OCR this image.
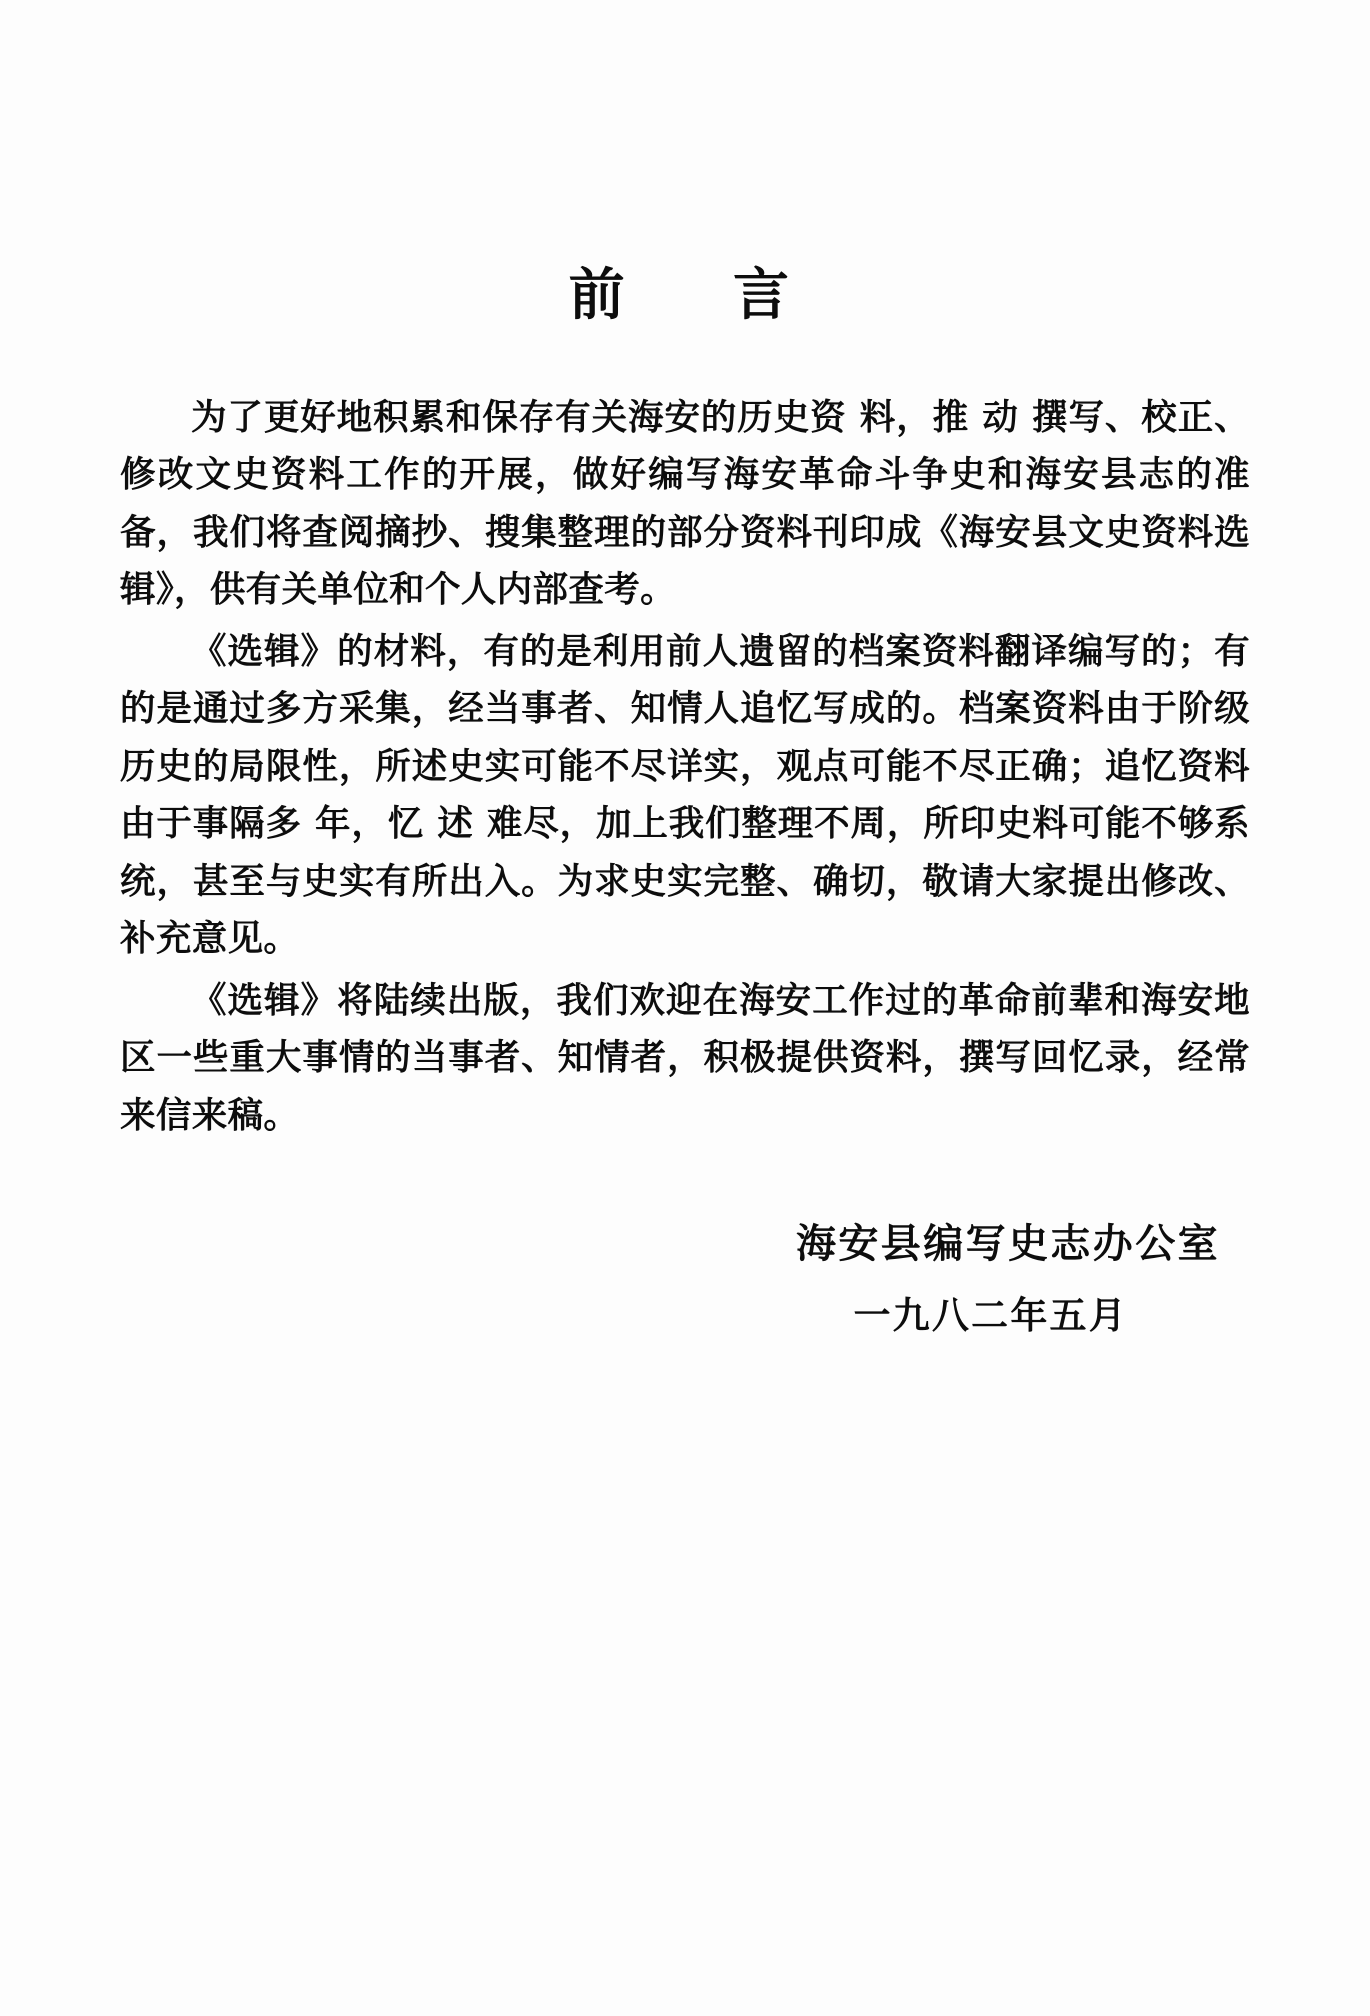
前 言

为了更好地积累和保存有关海安的历史资 料，推 动 撰写、校正、修改文史资料工作的开展，做好编写海安革命斗争史和海安县志的准备，我们将查阅摘抄、搜集整理的部分资料刊印成《海安县文史资料选辑》，供有关单位和个人内部查考。

《选辑》的材料，有的是利用前人遗留的档案资料翻译编写的；有的是通过多方采集，经当事者、知情人追忆写成的。档案资料由于阶级历史的局限性，所述史实可能不尽详实，观点可能不尽正确；追忆资料由于事隔多 年，忆 述 难尽，加上我们整理不周，所印史料可能不够系统，甚至与史实有所出入。为求史实完整、确切，敬请大家提出修改、补充意见。

《选辑》将陆续出版，我们欢迎在海安工作过的革命前辈和海安地区一些重大事情的当事者、知情者，积极提供资料，撰写回忆录，经常来信来稿。

海安县编写史志办公室
一九八二年五月
